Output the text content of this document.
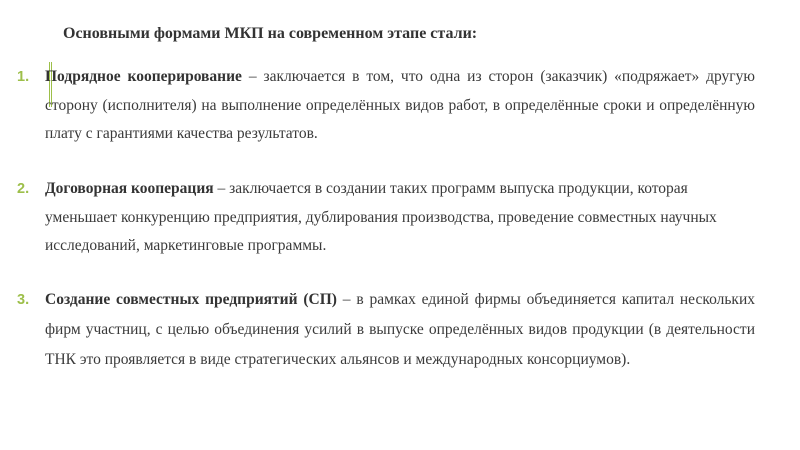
Основными формами МКП на современном этапе стали:
1. Подрядное кооперирование – заключается в том, что одна из сторон (заказчик) «подряжает» другую сторону (исполнителя) на выполнение определённых видов работ, в определённые сроки и определённую плату с гарантиями качества результатов.
2. Договорная кооперация – заключается в создании таких программ выпуска продукции, которая уменьшает конкуренцию предприятия, дублирования производства, проведение совместных научных исследований, маркетинговые программы.
3. Создание совместных предприятий (СП) – в рамках единой фирмы объединяется капитал нескольких фирм участниц, с целью объединения усилий в выпуске определённых видов продукции (в деятельности ТНК это проявляется в виде стратегических альянсов и международных консорциумов).
